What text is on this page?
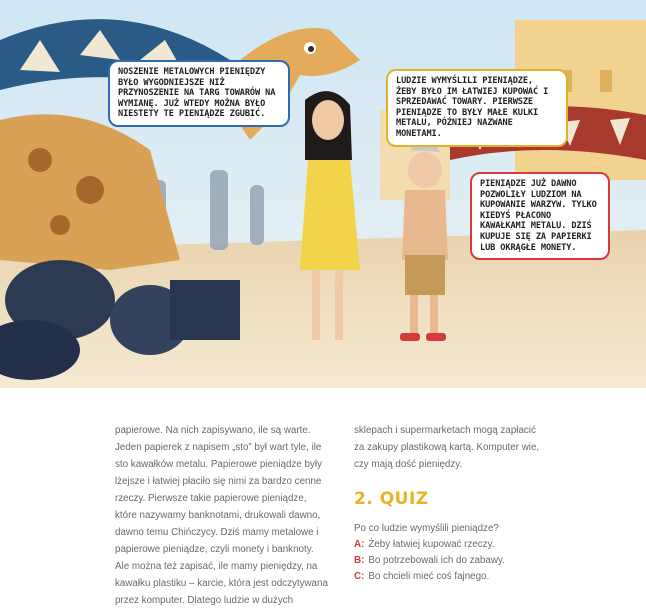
NOSZENIE METALOWYCH PIENIĘDZY BYŁO WYGODNIEJSZE NIŻ PRZYNOSZENIE NA TARG TOWARÓW NA WYMIANĘ. JUŻ WTEDY MOŻNA BYŁO NIESTETY TE PIENIĄDZE ZGUBIĆ.
LUDZIE WYMYŚLILI PIENIĄDZE, ŻEBY BYŁO IM ŁATWIEJ KUPOWAĆ I SPRZEDAWAĆ TOWARY. PIERWSZE PIENIĄDZE TO BYŁY MAŁE KULKI METALU, PÓŹNIEJ NAZWANE MONETAMI.
PIENIĄDZE JUŻ DAWNO POZWOLIŁY LUDZIOM NA KUPOWANIE WARZYW. TYLKO KIEDYŚ PŁACONO KAWAŁKAMI METALU. DZIŚ KUPUJE SIĘ ZA PAPIERKI LUB OKRĄGŁE MONETY.

papierowe. Na nich zapisywano, ile są warte. Jeden papierek z napisem „sto” był wart tyle, ile sto kawałków metalu. Papierowe pieniądze były lżejsze i łatwiej płaciło się nimi za bardzo cenne rzeczy. Pierwsze takie papierowe pieniądze, które nazywamy banknotami, drukowali dawno, dawno temu Chińczycy. Dziś mamy metalowe i papierowe pieniądze, czyli monety i banknoty. Ale można też zapisać, ile mamy pieniędzy, na kawałku plastiku – karcie, która jest odczytywana przez komputer. Dlatego ludzie w dużych

sklepach i supermarketach mogą zapłacić za zakupy plastikową kartą. Komputer wie, czy mają dość pieniędzy.

2. QUIZ
Po co ludzie wymyślili pieniądze?
A: Żeby łatwiej kupować rzeczy.
B: Bo potrzebowali ich do zabawy.
C: Bo chcieli mieć coś fajnego.
